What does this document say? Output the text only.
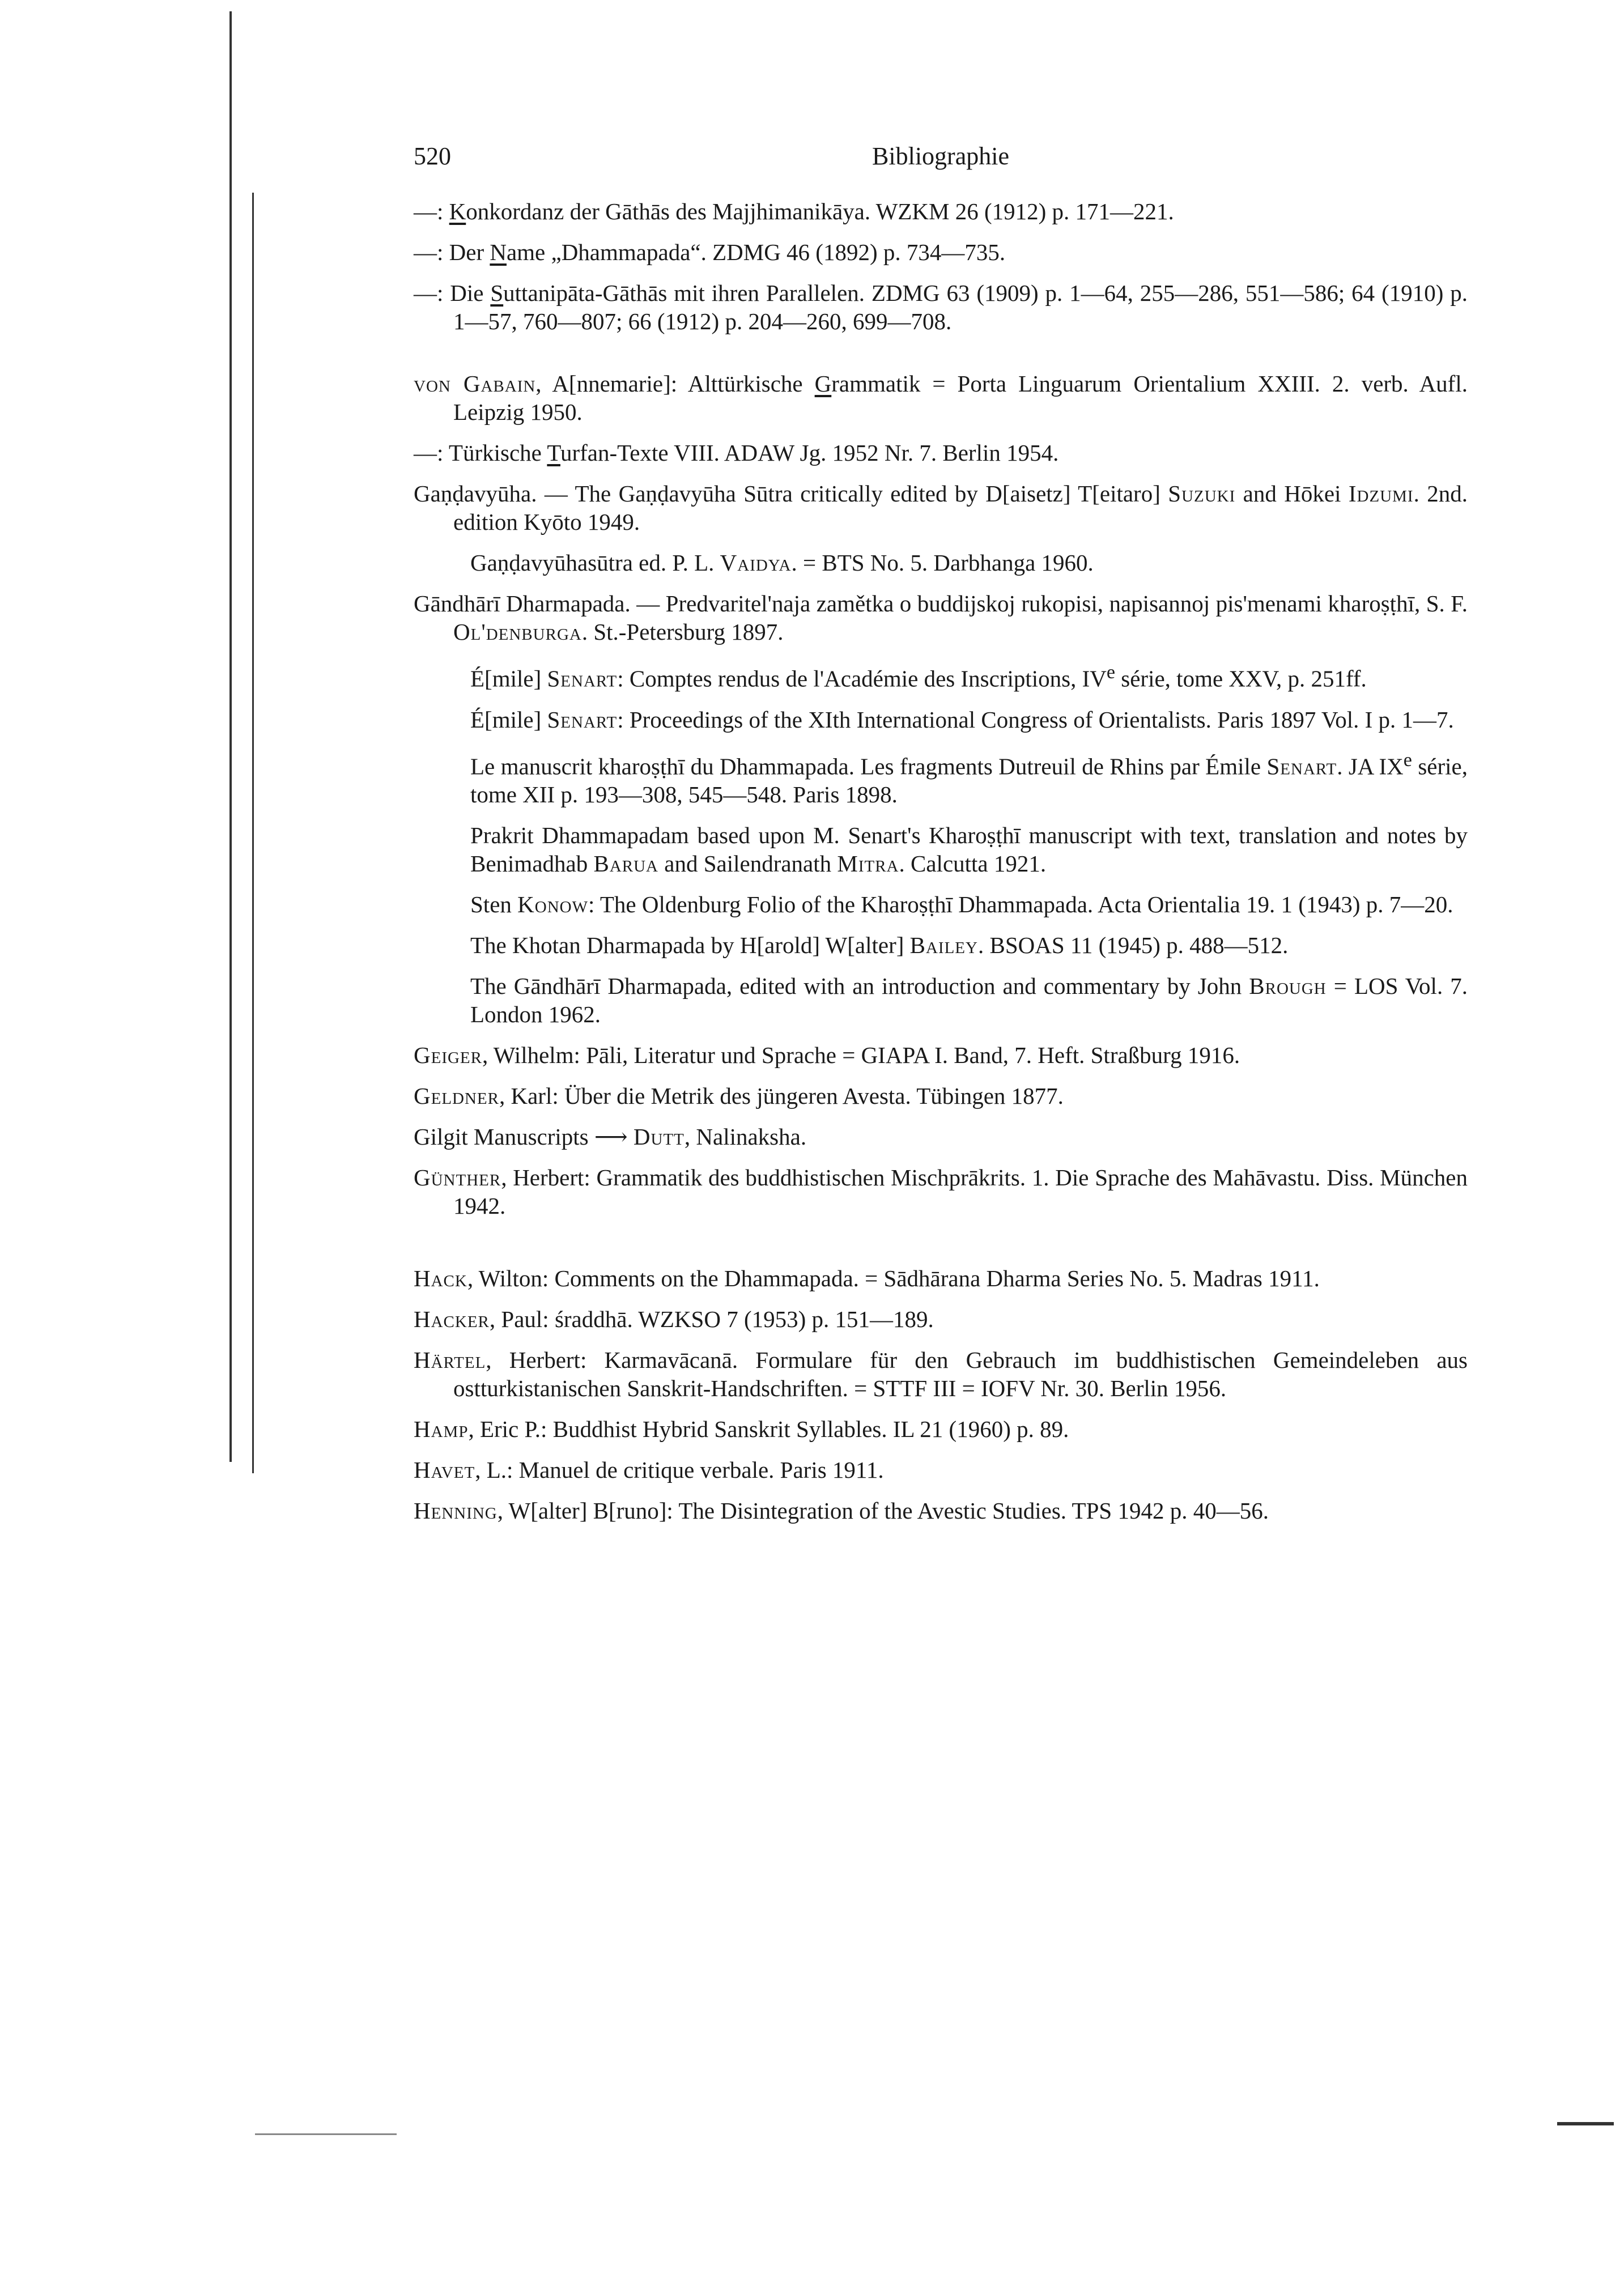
520	Bibliographie

—: Konkordanz der Gāthās des Majjhimanikāya. WZKM 26 (1912) p. 171—221.

—: Der Name „Dhammapada“. ZDMG 46 (1892) p. 734—735.

—: Die Suttanipāta-Gāthās mit ihren Parallelen. ZDMG 63 (1909) p. 1—64, 255—286, 551—586; 64 (1910) p. 1—57, 760—807; 66 (1912) p. 204—260, 699—708.

von Gabain, A[nnemarie]: Alttürkische Grammatik = Porta Linguarum Orientalium XXIII. 2. verb. Aufl. Leipzig 1950.

—: Türkische Turfan-Texte VIII. ADAW Jg. 1952 Nr. 7. Berlin 1954.

Gaṇḍavyūha. — The Gaṇḍavyūha Sūtra critically edited by D[aisetz] T[eitaro] Suzuki and Hōkei Idzumi. 2nd. edition Kyōto 1949.

Gaṇḍavyūhasūtra ed. P. L. Vaidya. = BTS No. 5. Darbhanga 1960.

Gāndhārī Dharmapada. — Predvaritel'naja zamětka o buddijskoj rukopisi, napisannoj pis'menami kharoṣṭhī, S. F. Ol'denburga. St.-Petersburg 1897.

É[mile] Senart: Comptes rendus de l'Académie des Inscriptions, IVe série, tome XXV, p. 251ff.

É[mile] Senart: Proceedings of the XIth International Congress of Orientalists. Paris 1897 Vol. I p. 1—7.

Le manuscrit kharoṣṭhī du Dhammapada. Les fragments Dutreuil de Rhins par Émile Senart. JA IXe série, tome XII p. 193—308, 545—548. Paris 1898.

Prakrit Dhammapadam based upon M. Senart's Kharoṣṭhī manuscript with text, translation and notes by Benimadhab Barua and Sailendranath Mitra. Calcutta 1921.

Sten Konow: The Oldenburg Folio of the Kharoṣṭhī Dhammapada. Acta Orientalia 19. 1 (1943) p. 7—20.

The Khotan Dharmapada by H[arold] W[alter] Bailey. BSOAS 11 (1945) p. 488—512.

The Gāndhārī Dharmapada, edited with an introduction and commentary by John Brough = LOS Vol. 7. London 1962.

Geiger, Wilhelm: Pāli, Literatur und Sprache = GIAPA I. Band, 7. Heft. Straßburg 1916.

Geldner, Karl: Über die Metrik des jüngeren Avesta. Tübingen 1877.

Gilgit Manuscripts ⟶ Dutt, Nalinaksha.

Günther, Herbert: Grammatik des buddhistischen Mischprākrits. 1. Die Sprache des Mahāvastu. Diss. München 1942.

Hack, Wilton: Comments on the Dhammapada. = Sādhārana Dharma Series No. 5. Madras 1911.

Hacker, Paul: śraddhā. WZKSO 7 (1953) p. 151—189.

Härtel, Herbert: Karmavācanā. Formulare für den Gebrauch im buddhistischen Gemeindeleben aus ostturkistanischen Sanskrit-Handschriften. = STTF III = IOFV Nr. 30. Berlin 1956.

Hamp, Eric P.: Buddhist Hybrid Sanskrit Syllables. IL 21 (1960) p. 89.

Havet, L.: Manuel de critique verbale. Paris 1911.

Henning, W[alter] B[runo]: The Disintegration of the Avestic Studies. TPS 1942 p. 40—56.
